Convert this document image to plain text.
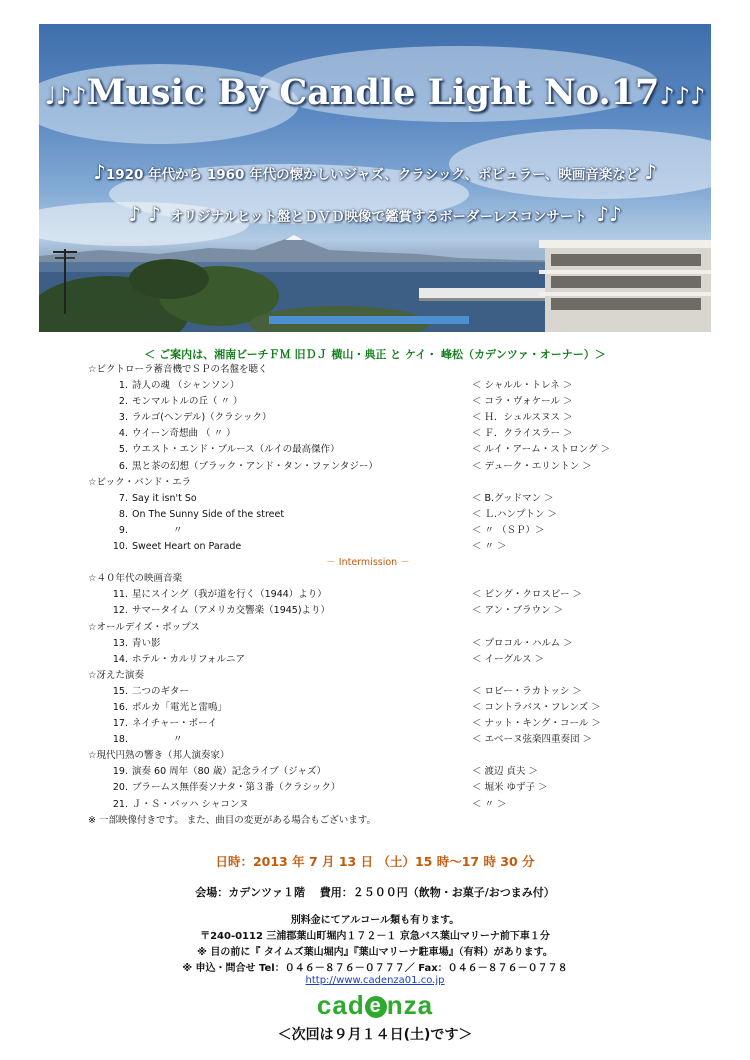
♩♪♪Music By Candle Light No.17♪♪♪
♪1920 年代から 1960 年代の懐かしいジャズ、クラシック、ポピュラー、映画音楽など ♪
♪ ♪ オリジナルヒット盤とＤＶＤ映像で鑑賞するボーダーレスコンサート ♪♪
＜ ご案内は、湘南ビーチＦＭ 旧ＤＪ 横山・典正 と ケイ・ 峰松（カデンツァ・オーナー）＞
☆ビクトローラ蓄音機でＳＰの名盤を聴く
1. 詩人の魂 （シャンソン）	＜ シャルル・トレネ ＞
2. モンマルトルの丘（ 〃 ）	＜ コラ・ヴォケール ＞
3. ラルゴ(ヘンデル)（クラシック）	＜ Ｈ．シュルスヌス ＞
4. ウイーン奇想曲 （ 〃 ）	＜ Ｆ．クライスラー ＞
5. ウエスト・エンド・ブルース（ルイの最高傑作）	＜ ルイ・アーム・ストロング ＞
6. 黒と茶の幻想（ブラック・アンド・タン・ファンタジー）	＜ デューク・エリントン ＞
☆ビック・バンド・エラ
7. Say it isn't So	＜ B.グッドマン ＞
8. On The Sunny Side of the street	＜ Ｌ.ハンプトン ＞
9. 　　　　 〃	＜ 〃 （ＳＰ）＞
10. Sweet Heart on Parade	＜ 〃 ＞
－ Intermission －
☆４０年代の映画音楽
11. 星にスイング（我が道を行く（1944）より）	＜ ビング・クロスビー ＞
12. サマータイム（アメリカ交響楽（1945)より）	＜ アン・ブラウン ＞
☆オールデイズ・ポップス
13. 青い影	＜ プロコル・ハルム ＞
14. ホテル・カルリフォルニア	＜ イーグルス ＞
☆冴えた演奏
15. 二つのギター	＜ ロビー・ラカトッシ ＞
16. ポルカ「電光と雷鳴」	＜ コントラバス・フレンズ ＞
17. ネイチャー・ボーイ	＜ ナット・キング・コール ＞
18. 　　　　 〃	＜ エベーヌ弦楽四重奏団 ＞
☆現代円熟の響き（邦人演奏家）
19. 演奏 60 周年（80 歳）記念ライブ（ジャズ）	＜ 渡辺 貞夫 ＞
20. ブラームス無伴奏ソナタ・第３番（クラシック）	＜ 堀米 ゆず子 ＞
21. Ｊ・Ｓ・バッハ シャコンヌ	＜ 〃 ＞
※ 一部映像付きです。 また、曲目の変更がある場合もございます。
日時：2013 年 7 月 13 日 （土）15 時～17 時 30 分
会場：カデンツァ１階　 費用：２５００円（飲物・お菓子/おつまみ付）
別料金にてアルコール類も有ります。
〒240-0112 三浦郡葉山町堀内１７２－１ 京急バス葉山マリーナ前下車１分
※ 目の前に『 タイムズ葉山堀内』『葉山マリーナ駐車場』（有料）があります。
※ 申込・問合せ Tel：０４６－８７６－０７７７／ Fax：０４６－８７６－０７７８
http://www.cadenza01.co.jp
cad e nza
＜次回は９月１４日(土)です＞
